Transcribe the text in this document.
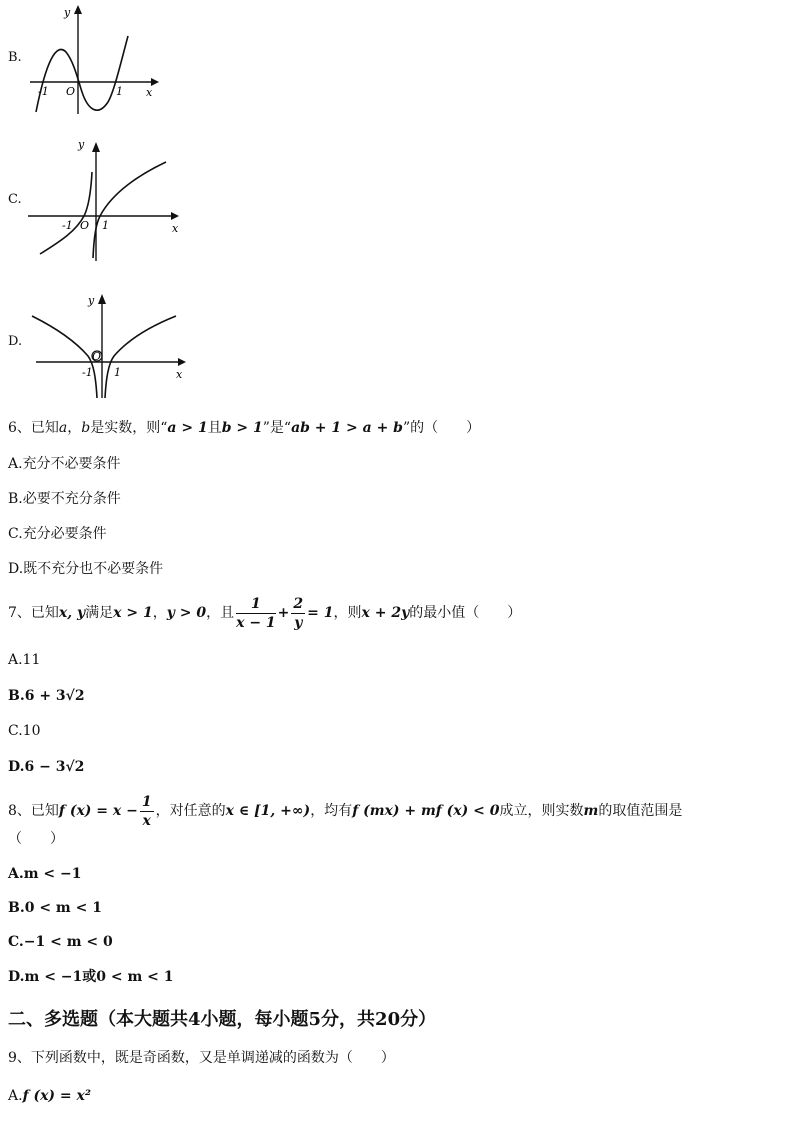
B.
y
x
-1 O	1
C.
y
x
-1 O 1
D.
y
x
-1
O
1
6、已知a，b是实数，则“a > 1且b > 1”是“ab + 1 > a + b”的（　　）
A.充分不必要条件
B.必要不充分条件
C.充分必要条件
D.既不充分也不必要条件
7、已知x, y满足x > 1，y > 0，且 $\frac{1}{x - 1} + \frac{2}{y} = 1$，则x + 2y的最小值（　　）
A.11
B.6 + 3√2
C.10
D.6 − 3√2
8、已知f $(x) = x - \frac{1}{x}$ ，对任意的x ∈ [1, +∞)，均有f (mx) + mf (x) < 0成立，则实数m的取值范围是
（　　）
A.m < −1
B.0 < m < 1
C.−1 < m < 0
D.m < −1或0 < m < 1
二、多选题（本大题共4小题，每小题5分，共20分）
9、下列函数中，既是奇函数，又是单调递减的函数为（　　）
A.f (x) = x²
